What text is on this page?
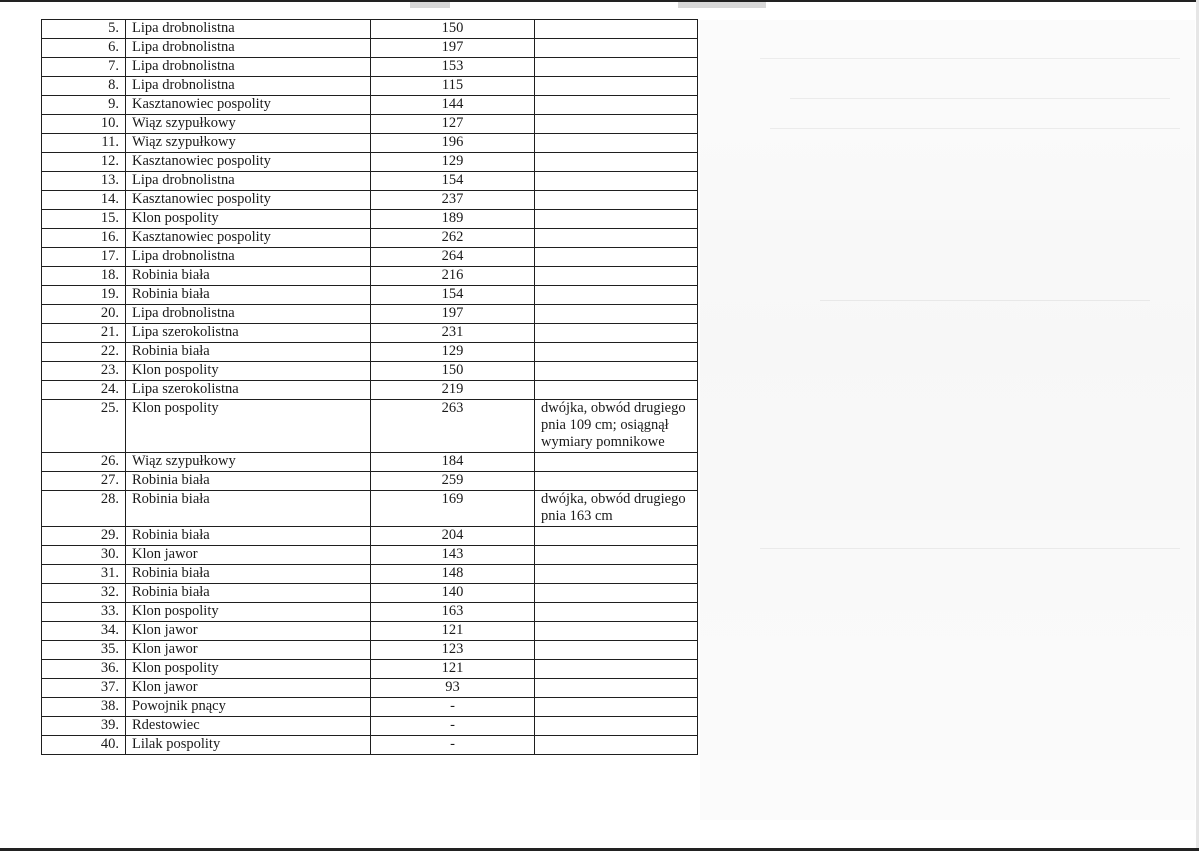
5.	Lipa drobnolistna	150	

6.	Lipa drobnolistna	197	

7.	Lipa drobnolistna	153	

8.	Lipa drobnolistna	115	

9.	Kasztanowiec pospolity	144	

10.	Wiąz szypułkowy	127	

11.	Wiąz szypułkowy	196	

12.	Kasztanowiec pospolity	129	

13.	Lipa drobnolistna	154	

14.	Kasztanowiec pospolity	237	

15.	Klon pospolity	189	

16.	Kasztanowiec pospolity	262	

17.	Lipa drobnolistna	264	

18.	Robinia biała	216	

19.	Robinia biała	154	

20.	Lipa drobnolistna	197	

21.	Lipa szerokolistna	231	

22.	Robinia biała	129	

23.	Klon pospolity	150	

24.	Lipa szerokolistna	219	

25.	Klon pospolity	263	dwójka, obwód drugiego pnia 109 cm; osiągnął wymiary pomnikowe

26.	Wiąz szypułkowy	184	

27.	Robinia biała	259	

28.	Robinia biała	169	dwójka, obwód drugiego pnia 163 cm

29.	Robinia biała	204	

30.	Klon jawor	143	

31.	Robinia biała	148	

32.	Robinia biała	140	

33.	Klon pospolity	163	

34.	Klon jawor	121	

35.	Klon jawor	123	

36.	Klon pospolity	121	

37.	Klon jawor	93	

38.	Powojnik pnący	-	

39.	Rdestowiec	-	

40.	Lilak pospolity	-	
